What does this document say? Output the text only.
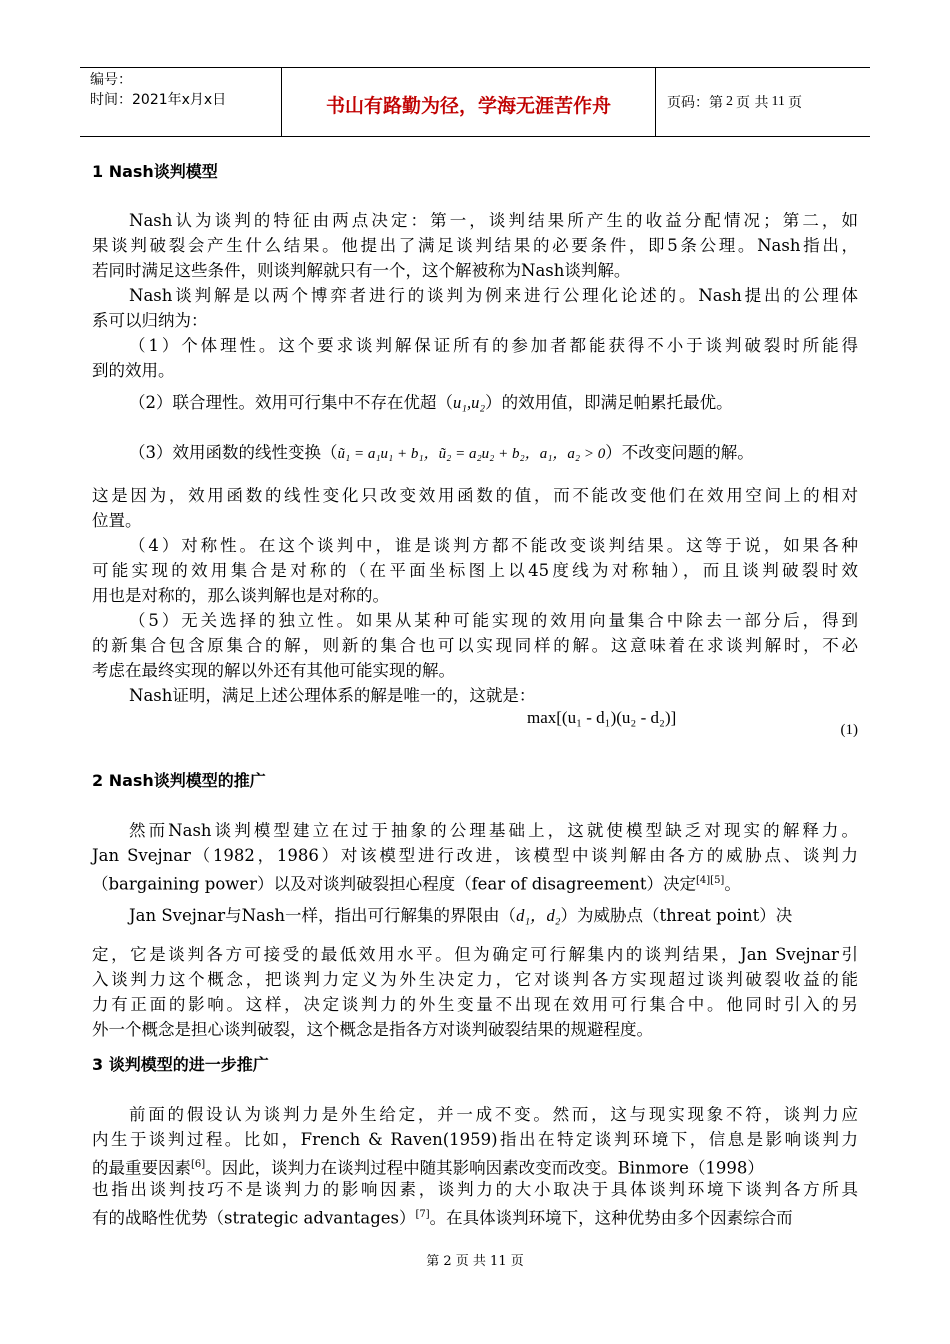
编号：
时间：2021年x月x日	书山有路勤为径，学海无涯苦作舟	页码：第 2 页 共 11 页
1 Nash谈判模型
Nash认为谈判的特征由两点决定：第一，谈判结果所产生的收益分配情况；第二，如
果谈判破裂会产生什么结果。他提出了满足谈判结果的必要条件，即5条公理。Nash指出，
若同时满足这些条件，则谈判解就只有一个，这个解被称为Nash谈判解。
Nash谈判解是以两个博弈者进行的谈判为例来进行公理化论述的。Nash提出的公理体
系可以归纳为：
（1）个体理性。这个要求谈判解保证所有的参加者都能获得不小于谈判破裂时所能得
到的效用。
（2）联合理性。效用可行集中不存在优超（u₁,u₂）的效用值，即满足帕累托最优。
（3）效用函数的线性变换（ũ₁ = a₁u₁ + b₁，ũ₂ = a₂u₂ + b₂，a₁，a₂ > 0）不改变问题的解。
这是因为，效用函数的线性变化只改变效用函数的值，而不能改变他们在效用空间上的相对
位置。
（4）对称性。在这个谈判中，谁是谈判方都不能改变谈判结果。这等于说，如果各种
可能实现的效用集合是对称的（在平面坐标图上以45度线为对称轴），而且谈判破裂时效
用也是对称的，那么谈判解也是对称的。
（5）无关选择的独立性。如果从某种可能实现的效用向量集合中除去一部分后，得到
的新集合包含原集合的解，则新的集合也可以实现同样的解。这意味着在求谈判解时，不必
考虑在最终实现的解以外还有其他可能实现的解。
Nash证明，满足上述公理体系的解是唯一的，这就是：
max[(u₁ - d₁)(u₂ - d₂)]
(1)
2 Nash谈判模型的推广
然而Nash谈判模型建立在过于抽象的公理基础上，这就使模型缺乏对现实的解释力。
Jan Svejnar（1982，1986）对该模型进行改进，该模型中谈判解由各方的威胁点、谈判力
（bargaining power）以及对谈判破裂担心程度（fear of disagreement）决定[4][5]。
Jan Svejnar与Nash一样，指出可行解集的界限由（d₁，d₂）为威胁点（threat point）决
定，它是谈判各方可接受的最低效用水平。但为确定可行解集内的谈判结果，Jan Svejnar引
入谈判力这个概念，把谈判力定义为外生决定力，它对谈判各方实现超过谈判破裂收益的能
力有正面的影响。这样，决定谈判力的外生变量不出现在效用可行集合中。他同时引入的另
外一个概念是担心谈判破裂，这个概念是指各方对谈判破裂结果的规避程度。
3 谈判模型的进一步推广
前面的假设认为谈判力是外生给定，并一成不变。然而，这与现实现象不符，谈判力应
内生于谈判过程。比如，French & Raven(1959)指出在特定谈判环境下，信息是影响谈判力
的最重要因素[6]。因此，谈判力在谈判过程中随其影响因素改变而改变。Binmore（1998）
也指出谈判技巧不是谈判力的影响因素，谈判力的大小取决于具体谈判环境下谈判各方所具
有的战略性优势（strategic advantages）[7]。在具体谈判环境下，这种优势由多个因素综合而
第 2 页 共 11 页
